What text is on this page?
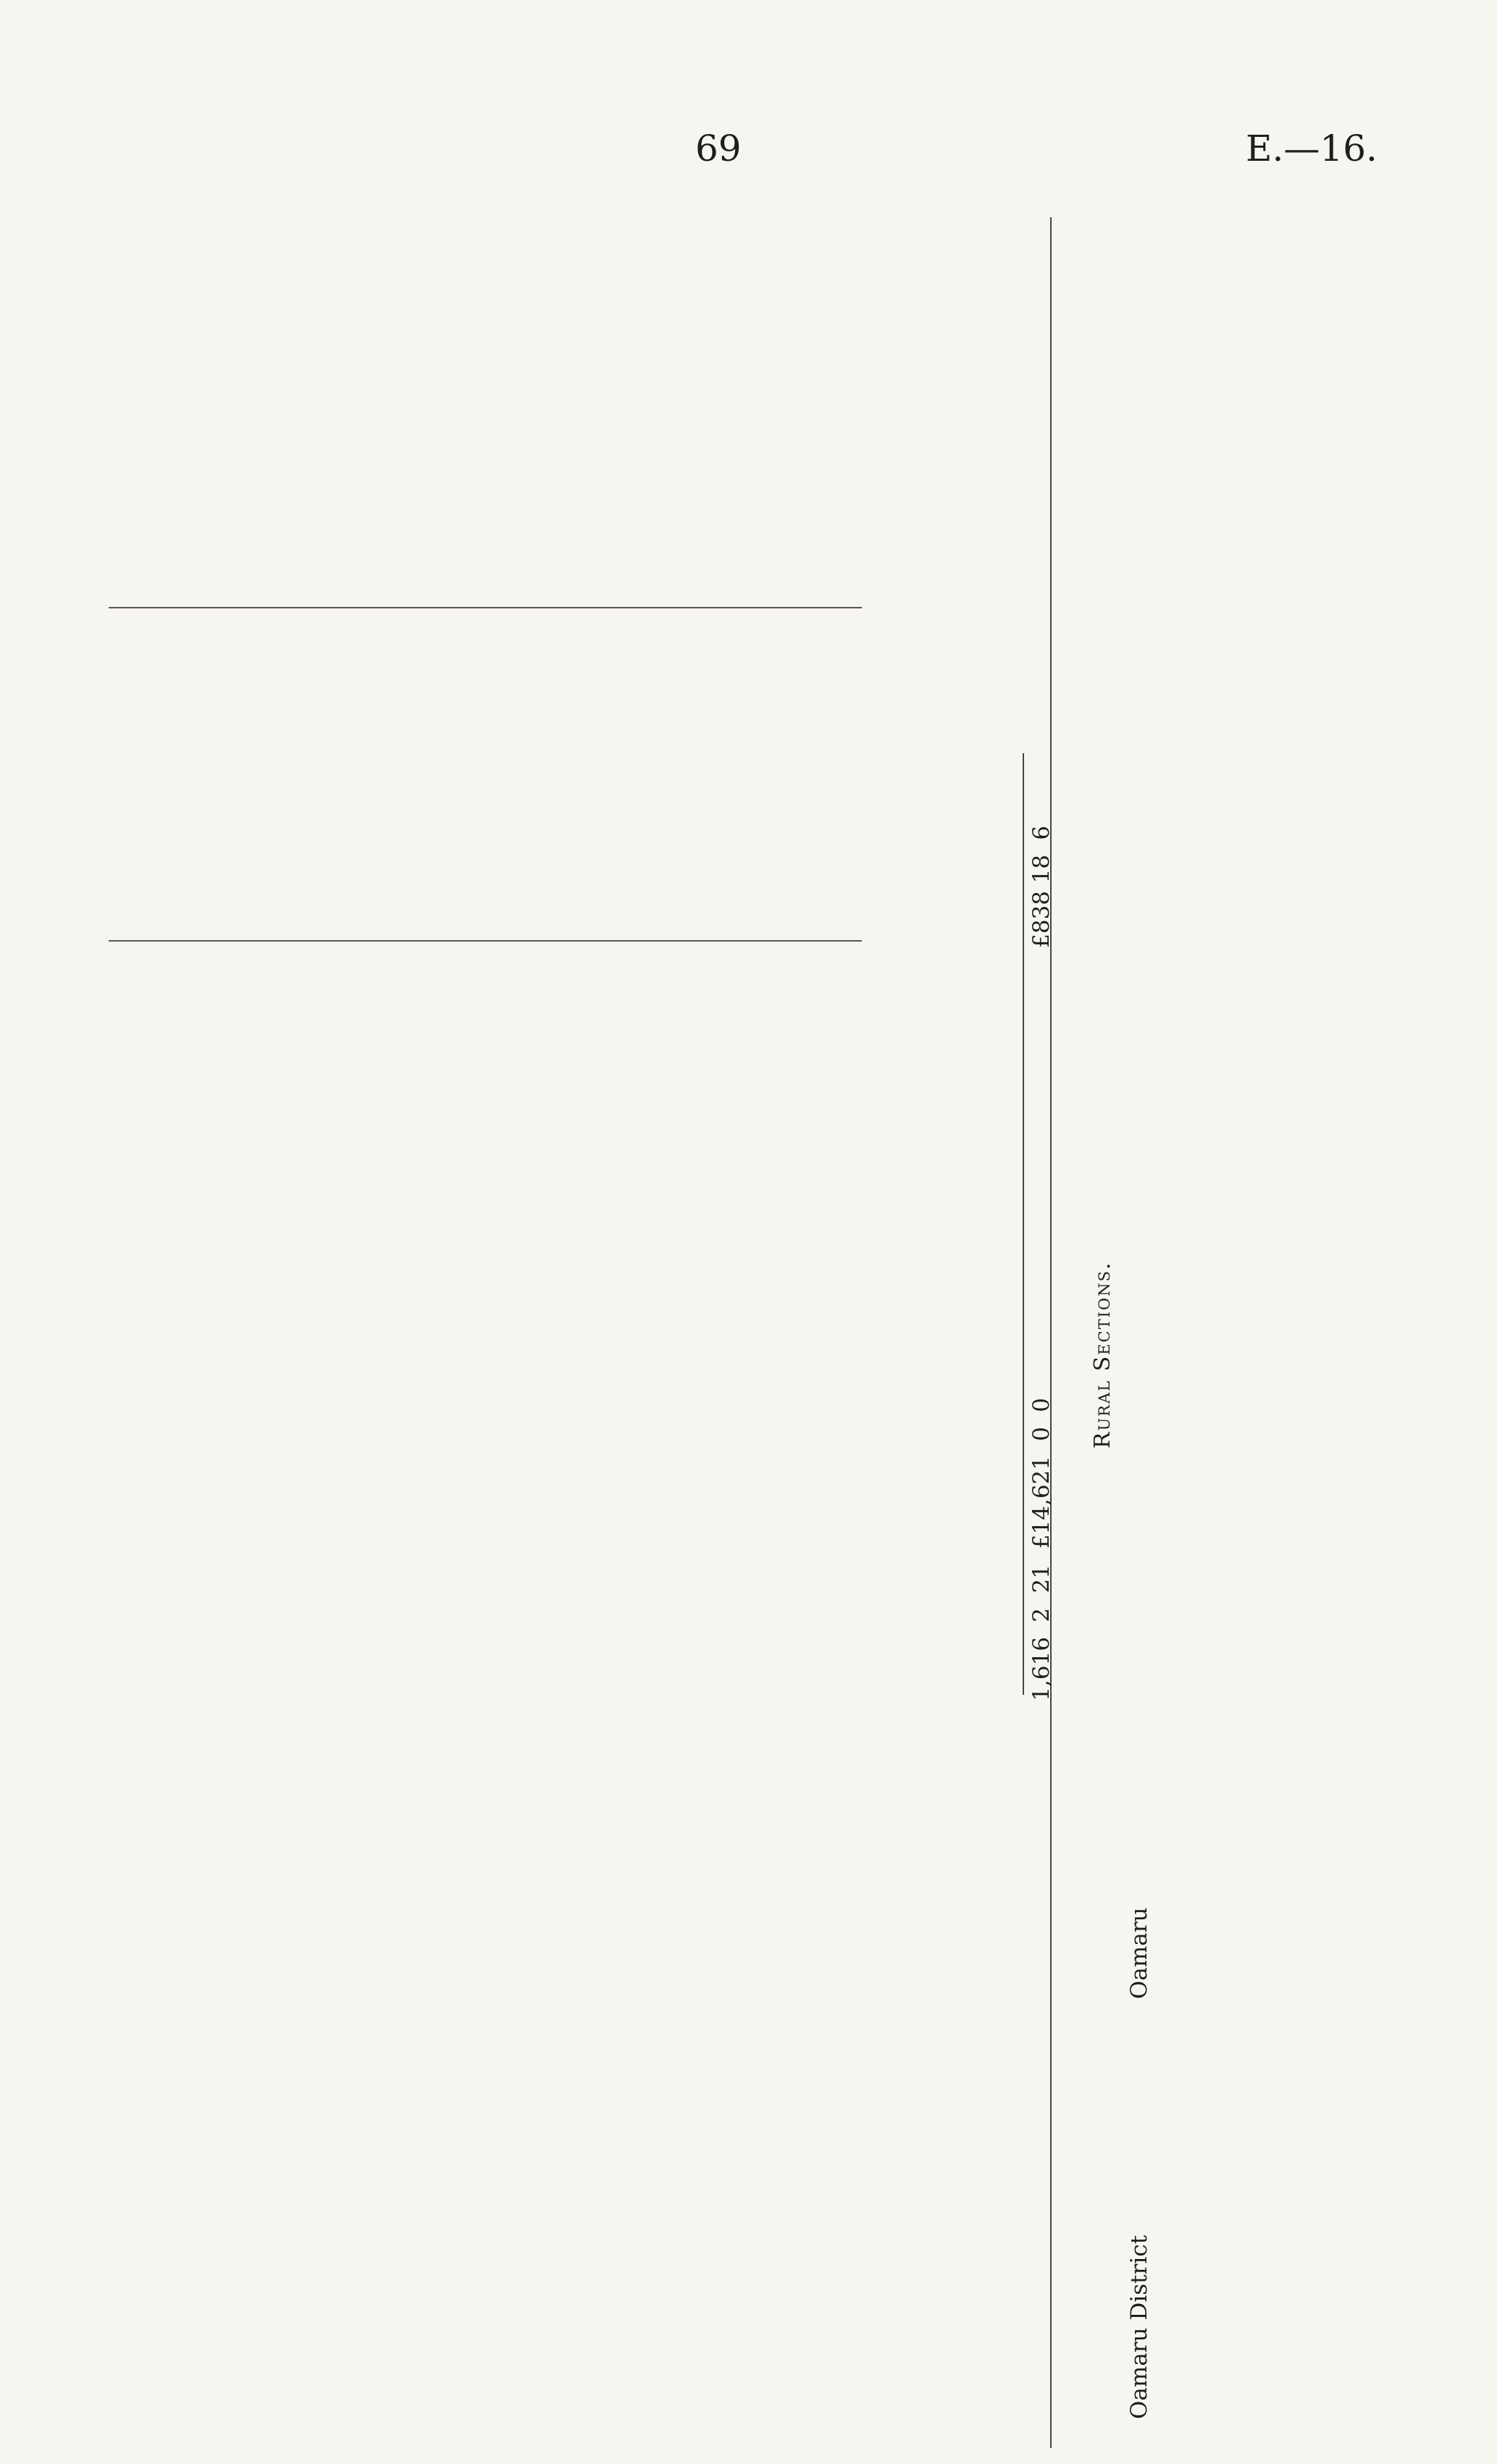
69	E.—16.
Rural Sections.
Oamaru District
Oamaru
1,616
2
21
£14,621
0
0
£838
18
6
